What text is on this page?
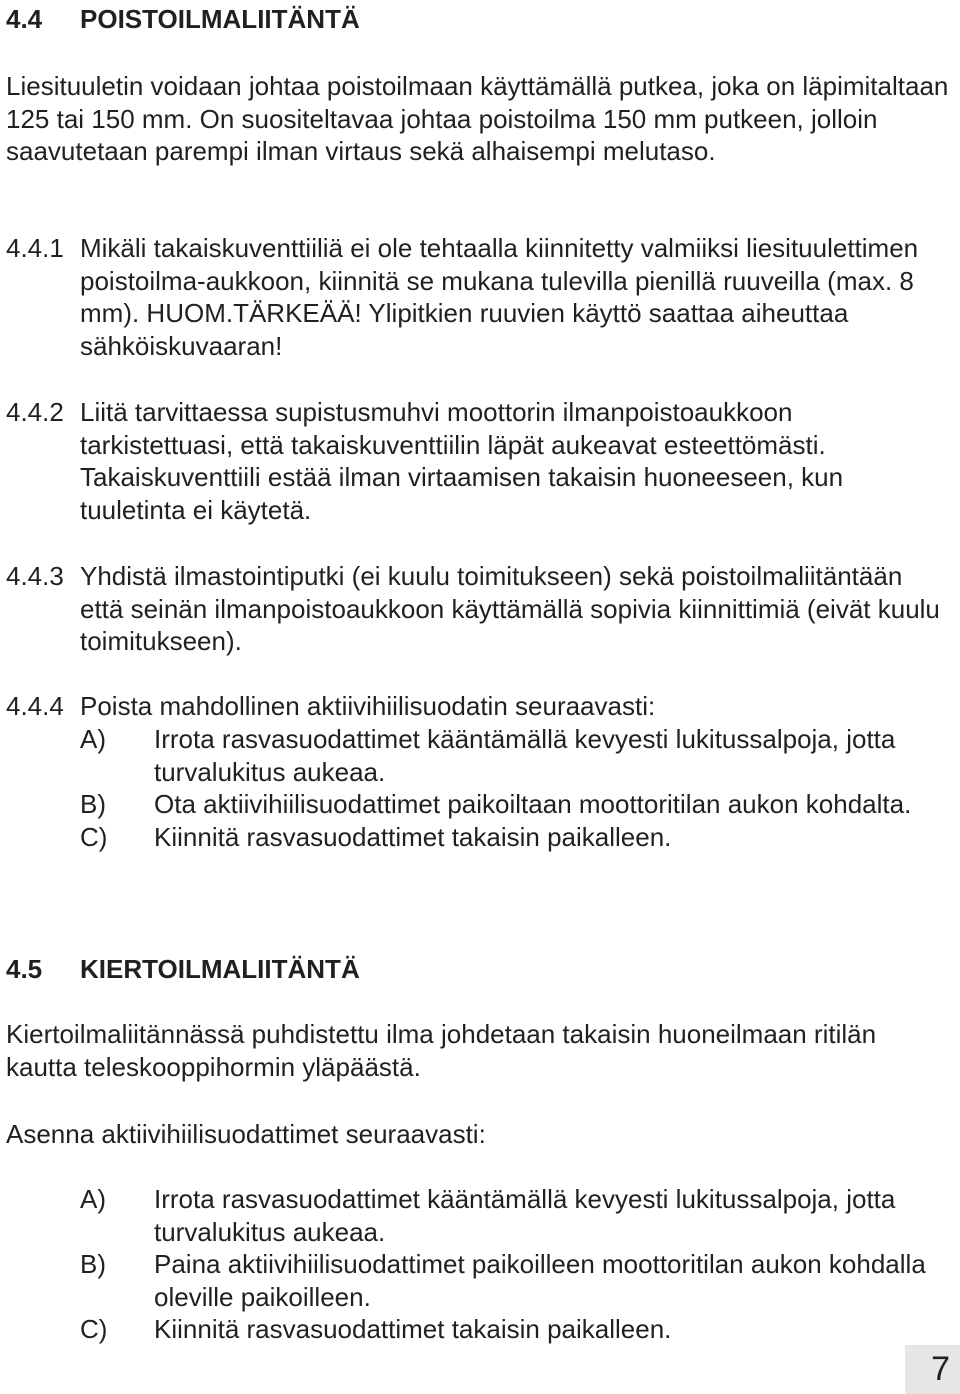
4.4 POISTOILMALIITÄNTÄ

Liesituuletin voidaan johtaa poistoilmaan käyttämällä putkea, joka on läpimitaltaan 125 tai 150 mm. On suositeltavaa johtaa poistoilma 150 mm putkeen, jolloin saavutetaan parempi ilman virtaus sekä alhaisempi melutaso.

4.4.1 Mikäli takaiskuventtiiliä ei ole tehtaalla kiinnitetty valmiiksi liesituulettimen poistoilma-aukkoon, kiinnitä se mukana tulevilla pienillä ruuveilla (max. 8 mm). HUOM.TÄRKEÄÄ! Ylipitkien ruuvien käyttö saattaa aiheuttaa sähköiskuvaaran!
4.4.2 Liitä tarvittaessa supistusmuhvi moottorin ilmanpoistoaukkoon tarkistettuasi, että takaiskuventtiilin läpät aukeavat esteettömästi. Takaiskuventtiili estää ilman virtaamisen takaisin huoneeseen, kun tuuletinta ei käytetä.
4.4.3 Yhdistä ilmastointiputki (ei kuulu toimitukseen) sekä poistoilmaliitäntään että seinän ilmanpoistoaukkoon käyttämällä sopivia kiinnittimiä (eivät kuulu toimitukseen).
4.4.4 Poista mahdollinen aktiivihiilisuodatin seuraavasti:
A) Irrota rasvasuodattimet kääntämällä kevyesti lukitussalpoja, jotta turvalukitus aukeaa.
B) Ota aktiivihiilisuodattimet paikoiltaan moottoritilan aukon kohdalta.
C) Kiinnitä rasvasuodattimet takaisin paikalleen.
4.5 KIERTOILMALIITÄNTÄ

Kiertoilmaliitännässä puhdistettu ilma johdetaan takaisin huoneilmaan ritilän kautta teleskooppihormin yläpäästä.

Asenna aktiivihiilisuodattimet seuraavasti:

A) Irrota rasvasuodattimet kääntämällä kevyesti lukitussalpoja, jotta turvalukitus aukeaa.
B) Paina aktiivihiilisuodattimet paikoilleen moottoritilan aukon kohdalla oleville paikoilleen.
C) Kiinnitä rasvasuodattimet takaisin paikalleen.
7
